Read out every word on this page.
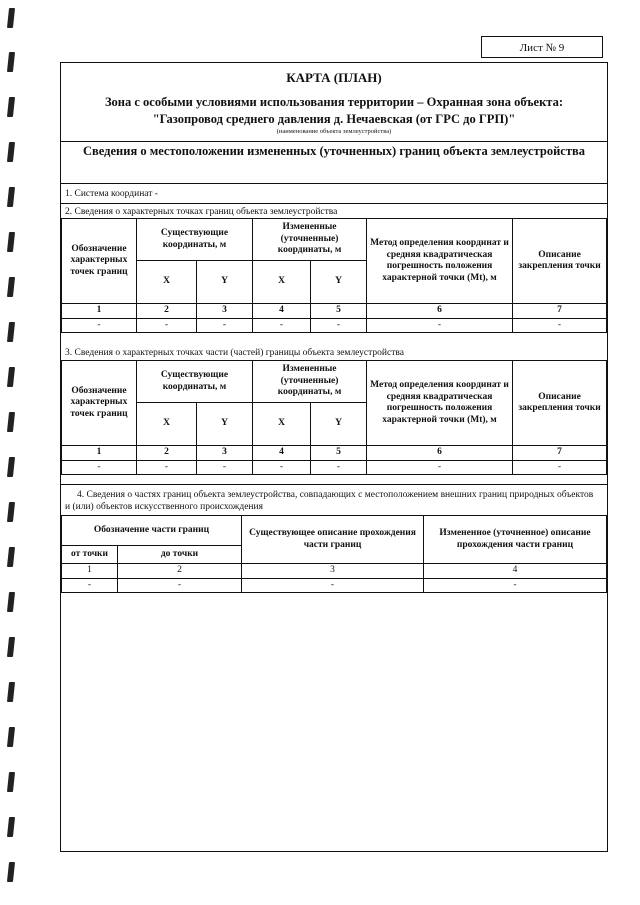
Лист № 9
КАРТА (ПЛАН)
Зона с особыми условиями использования территории – Охранная зона объекта: "Газопровод среднего давления д. Нечаевская (от ГРС до ГРП)"
(наименование объекта землеустройства)
Сведения о местоположении измененных (уточненных) границ объекта землеустройства
1. Система координат -
2. Сведения о характерных точках границ объекта землеустройства
Обозначение характерных точек границ	Существующие координаты, м		Измененные (уточненные) координаты, м		Метод определения координат и средняя квадратическая погрешность положения характерной точки (Mt), м	Описание закрепления точки
	X	Y	X	Y		
1	2	3	4	5	6	7
-	-	-	-	-	-	-
3. Сведения о характерных точках части (частей) границы объекта землеустройства
Обозначение характерных точек границ	Существующие координаты, м		Измененные (уточненные) координаты, м		Метод определения координат и средняя квадратическая погрешность положения характерной точки (Mt), м	Описание закрепления точки
	X	Y	X	Y		
1	2	3	4	5	6	7
-	-	-	-	-	-	-
4. Сведения о частях границ объекта землеустройства, совпадающих с местоположением внешних границ природных объектов и (или) объектов искусственного происхождения
Обозначение части границ		Существующее описание прохождения части границ	Измененное (уточненное) описание прохождения части границ
от точки	до точки		
1	2	3	4
-	-	-	-
